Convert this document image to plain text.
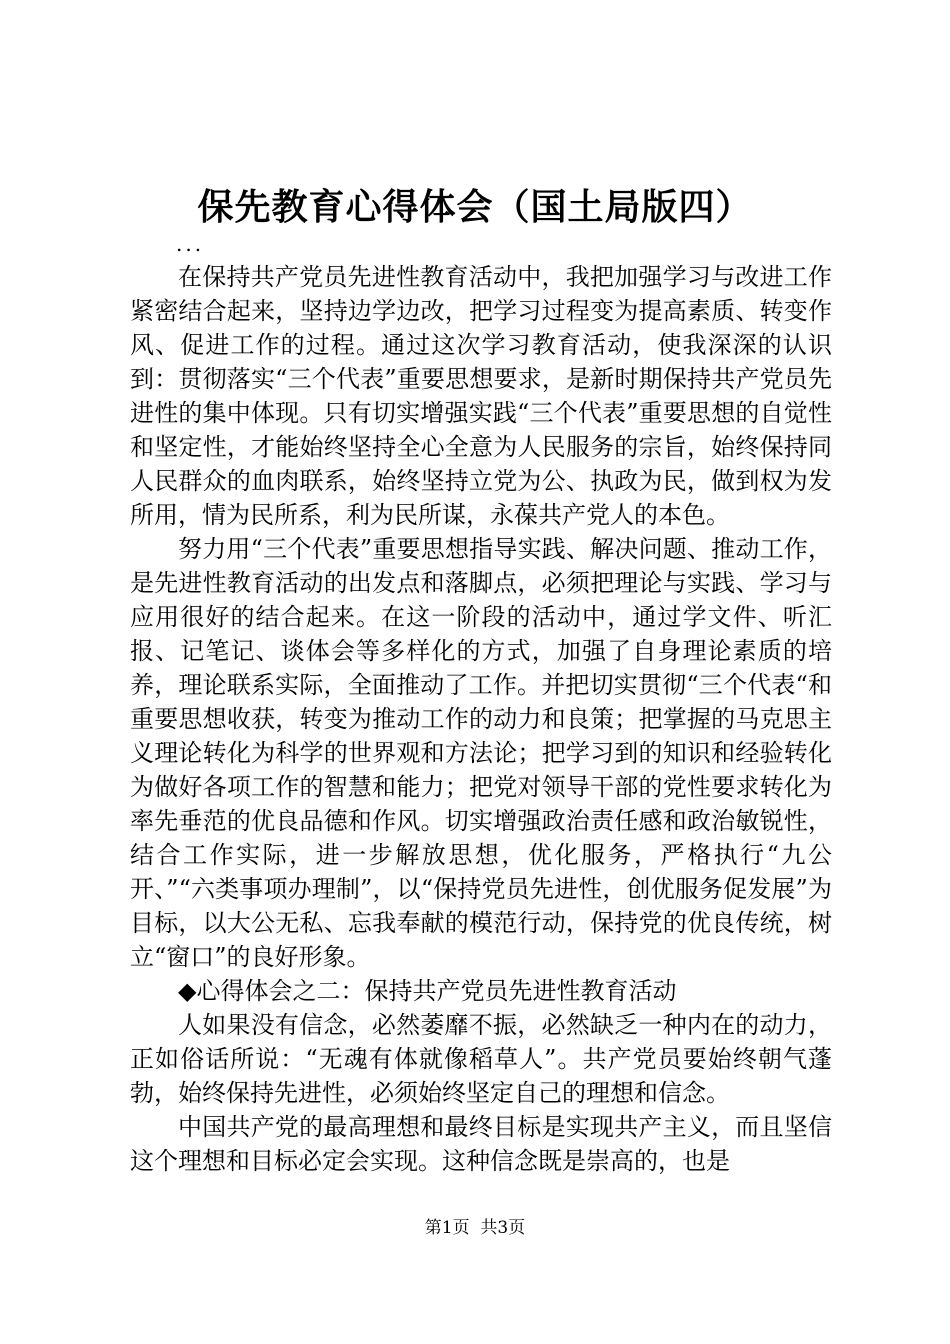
保先教育心得体会（国土局版四）
...

在保持共产党员先进性教育活动中，我把加强学习与改进工作紧密结合起来，坚持边学边改，把学习过程变为提高素质、转变作风、促进工作的过程。通过这次学习教育活动，使我深深的认识到：贯彻落实“三个代表”重要思想要求，是新时期保持共产党员先进性的集中体现。只有切实增强实践“三个代表”重要思想的自觉性和坚定性，才能始终坚持全心全意为人民服务的宗旨，始终保持同人民群众的血肉联系，始终坚持立党为公、执政为民，做到权为发所用，情为民所系，利为民所谋，永葆共产党人的本色。

努力用“三个代表”重要思想指导实践、解决问题、推动工作，是先进性教育活动的出发点和落脚点，必须把理论与实践、学习与应用很好的结合起来。在这一阶段的活动中，通过学文件、听汇报、记笔记、谈体会等多样化的方式，加强了自身理论素质的培养，理论联系实际，全面推动了工作。并把切实贯彻“三个代表“和重要思想收获，转变为推动工作的动力和良策；把掌握的马克思主义理论转化为科学的世界观和方法论；把学习到的知识和经验转化为做好各项工作的智慧和能力；把党对领导干部的党性要求转化为率先垂范的优良品德和作风。切实增强政治责任感和政治敏锐性，结合工作实际，进一步解放思想，优化服务，严格执行“九公开、”“六类事项办理制”，以“保持党员先进性，创优服务促发展”为目标，以大公无私、忘我奉献的模范行动，保持党的优良传统，树立“窗口”的良好形象。

◆心得体会之二：保持共产党员先进性教育活动

人如果没有信念，必然萎靡不振，必然缺乏一种内在的动力，正如俗话所说：“无魂有体就像稻草人”。共产党员要始终朝气蓬勃，始终保持先进性，必须始终坚定自己的理想和信念。

中国共产党的最高理想和最终目标是实现共产主义，而且坚信这个理想和目标必定会实现。这种信念既是崇高的，也是

第1页  共3页
